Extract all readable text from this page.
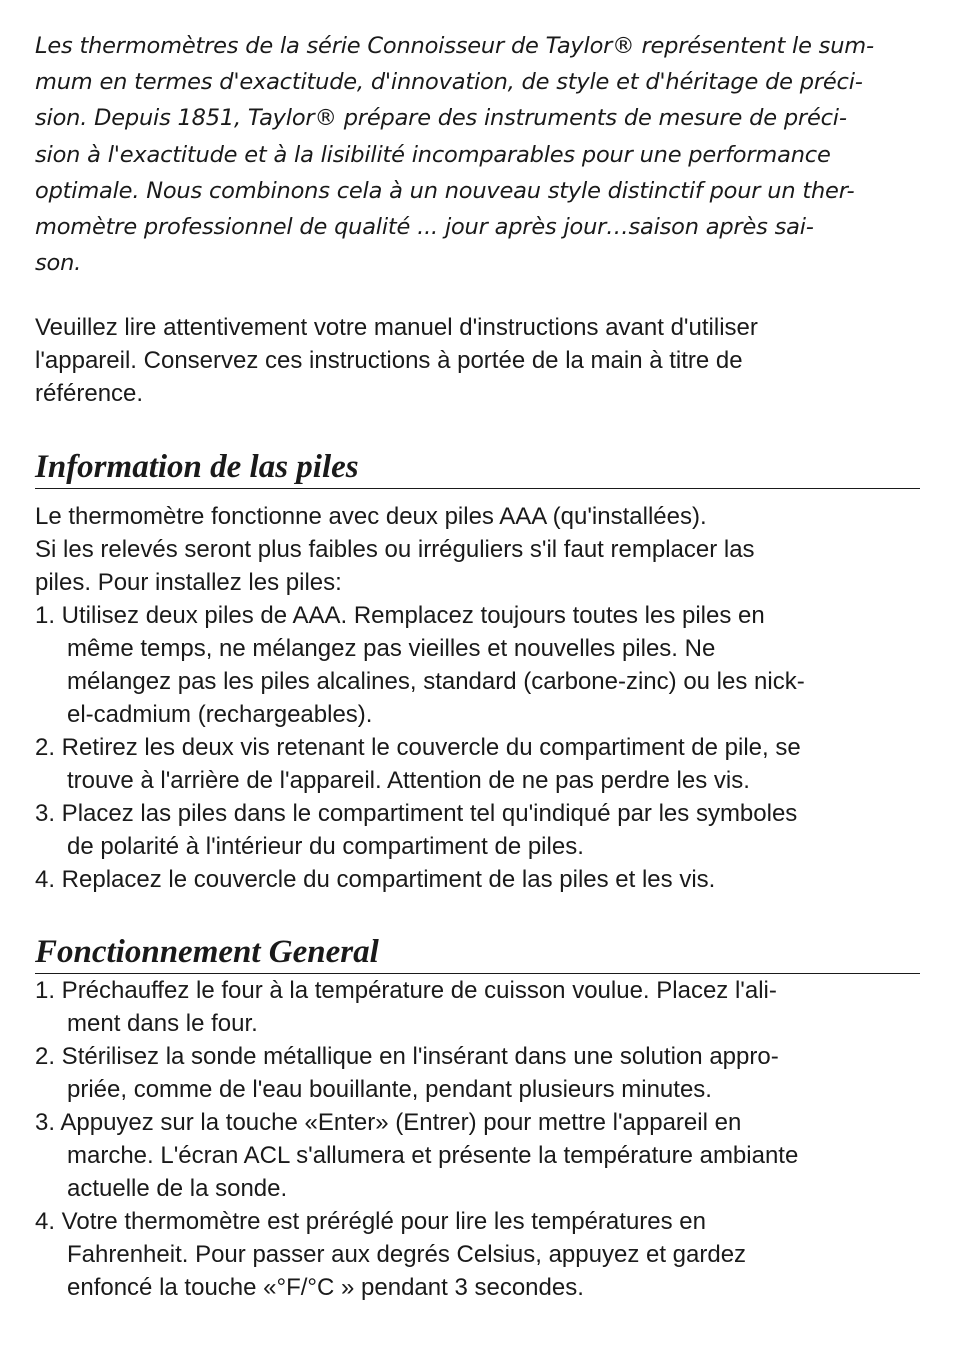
Les thermomètres de la série Connoisseur de Taylor® représentent le sum-
mum en termes d'exactitude, d'innovation, de style et d'héritage de préci-
sion. Depuis 1851, Taylor® prépare des instruments de mesure de préci-
sion à l'exactitude et à la lisibilité incomparables pour une performance
optimale. Nous combinons cela à un nouveau style distinctif pour un ther-
momètre professionnel de qualité ... jour après jour…saison après sai-
son.

Veuillez lire attentivement votre manuel d'instructions avant d'utiliser
l'appareil. Conservez ces instructions à portée de la main à titre de
référence.

Information de las piles

Le thermomètre fonctionne avec deux piles AAA (qu'installées).
Si les relevés seront plus faibles ou irréguliers s'il faut remplacer las
piles. Pour installez les piles:

1. Utilisez deux piles de AAA. Remplacez toujours toutes les piles en
même temps, ne mélangez pas vieilles et nouvelles piles. Ne
mélangez pas les piles alcalines, standard (carbone-zinc) ou les nick-
el-cadmium (rechargeables).
2. Retirez les deux vis retenant le couvercle du compartiment de pile, se
trouve à l'arrière de l'appareil. Attention de ne pas perdre les vis.
3. Placez las piles dans le compartiment tel qu'indiqué par les symboles
de polarité à l'intérieur du compartiment de piles.
4. Replacez le couvercle du compartiment de las piles et les vis.
Fonctionnement General
1. Préchauffez le four à la température de cuisson voulue. Placez l'ali-
ment dans le four.
2. Stérilisez la sonde métallique en l'insérant dans une solution appro-
priée, comme de l'eau bouillante, pendant plusieurs minutes.
3. Appuyez sur la touche «Enter» (Entrer) pour mettre l'appareil en
marche. L'écran ACL s'allumera et présente la température ambiante
actuelle de la sonde.
4. Votre thermomètre est préréglé pour lire les températures en
Fahrenheit. Pour passer aux degrés Celsius, appuyez et gardez
enfoncé la touche «°F/°C » pendant 3 secondes.
